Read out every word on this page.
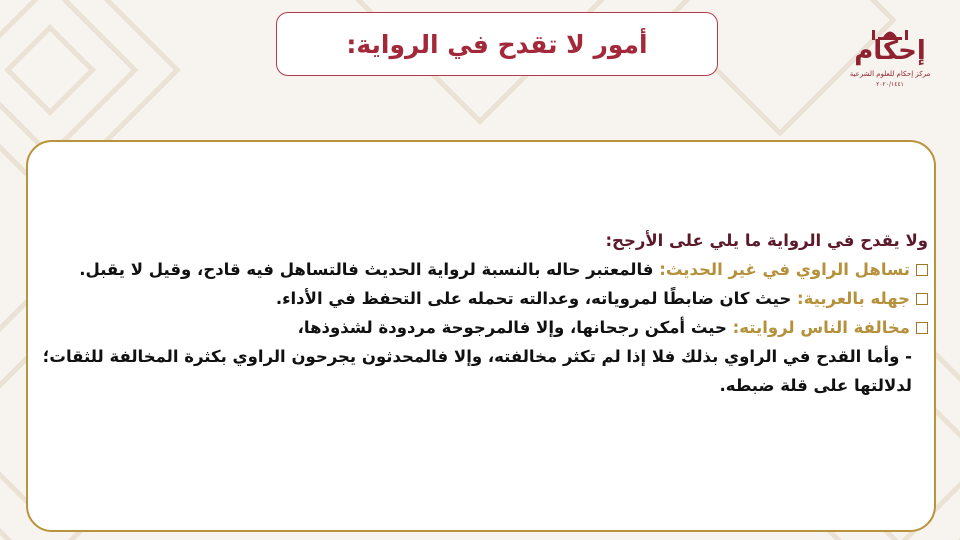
أمور لا تقدح في الرواية:	إحكام
مركز إحكام للعلوم الشرعية
٢٠٢٠/١٤٤١

ولا يقدح في الرواية ما يلي على الأرجح:

تساهل الراوي في غير الحديث: فالمعتبر حاله بالنسبة لرواية الحديث فالتساهل فيه قادح، وقيل لا يقبل.

جهله بالعربية: حيث كان ضابطًا لمروياته، وعدالته تحمله على التحفظ في الأداء.

مخالفة الناس لروايته: حيث أمكن رجحانها، وإلا فالمرجوحة مردودة لشذوذها،

- وأما القدح في الراوي بذلك فلا إذا لم تكثر مخالفته، وإلا فالمحدثون يجرحون الراوي بكثرة المخالفة للثقات؛ لدلالتها على قلة ضبطه.
